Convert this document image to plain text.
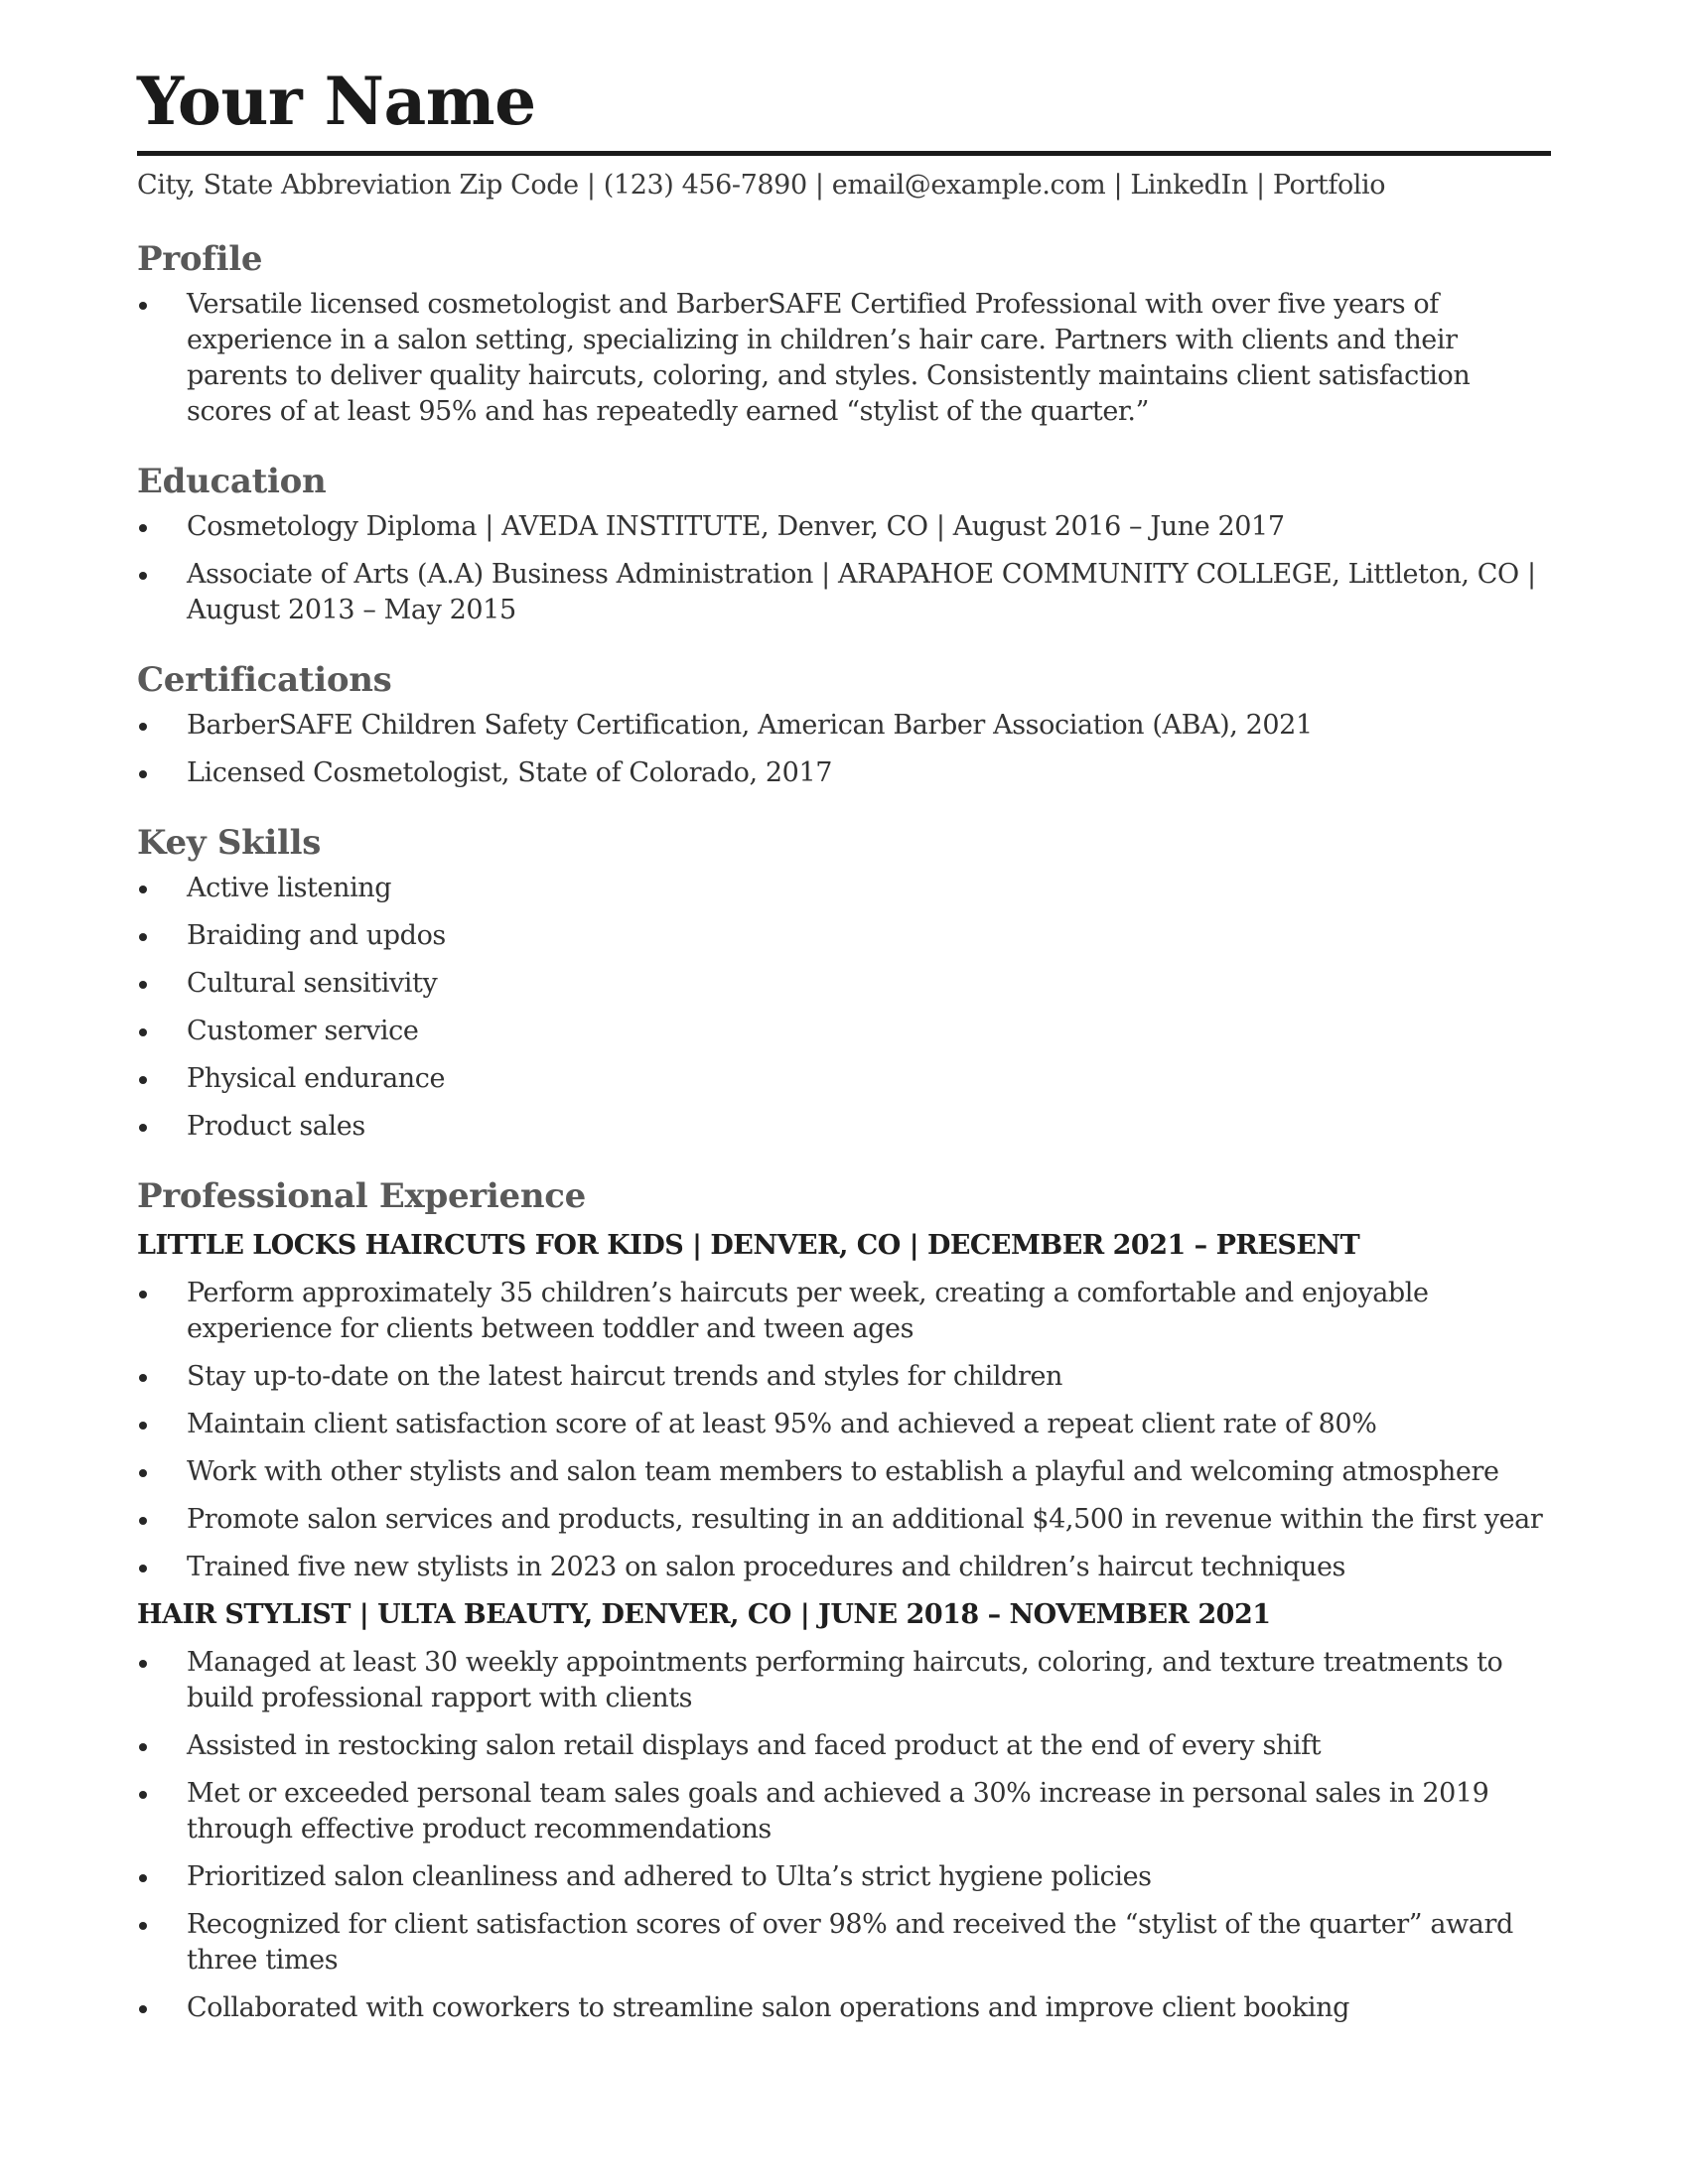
Your Name
City, State Abbreviation Zip Code | (123) 456-7890 | email@example.com | LinkedIn | Portfolio
Profile
Versatile licensed cosmetologist and BarberSAFE Certified Professional with over five years of experience in a salon setting, specializing in children’s hair care. Partners with clients and their parents to deliver quality haircuts, coloring, and styles. Consistently maintains client satisfaction scores of at least 95% and has repeatedly earned “stylist of the quarter.”
Education
Cosmetology Diploma | AVEDA INSTITUTE, Denver, CO | August 2016 – June 2017
Associate of Arts (A.A) Business Administration | ARAPAHOE COMMUNITY COLLEGE, Littleton, CO | August 2013 – May 2015
Certifications
BarberSAFE Children Safety Certification, American Barber Association (ABA), 2021
Licensed Cosmetologist, State of Colorado, 2017
Key Skills
Active listening
Braiding and updos
Cultural sensitivity
Customer service
Physical endurance
Product sales
Professional Experience
LITTLE LOCKS HAIRCUTS FOR KIDS | DENVER, CO | DECEMBER 2021 – PRESENT
Perform approximately 35 children’s haircuts per week, creating a comfortable and enjoyable experience for clients between toddler and tween ages
Stay up-to-date on the latest haircut trends and styles for children
Maintain client satisfaction score of at least 95% and achieved a repeat client rate of 80%
Work with other stylists and salon team members to establish a playful and welcoming atmosphere
Promote salon services and products, resulting in an additional $4,500 in revenue within the first year
Trained five new stylists in 2023 on salon procedures and children’s haircut techniques
HAIR STYLIST | ULTA BEAUTY, DENVER, CO | JUNE 2018 – NOVEMBER 2021
Managed at least 30 weekly appointments performing haircuts, coloring, and texture treatments to build professional rapport with clients
Assisted in restocking salon retail displays and faced product at the end of every shift
Met or exceeded personal team sales goals and achieved a 30% increase in personal sales in 2019 through effective product recommendations
Prioritized salon cleanliness and adhered to Ulta’s strict hygiene policies
Recognized for client satisfaction scores of over 98% and received the “stylist of the quarter” award three times
Collaborated with coworkers to streamline salon operations and improve client booking
